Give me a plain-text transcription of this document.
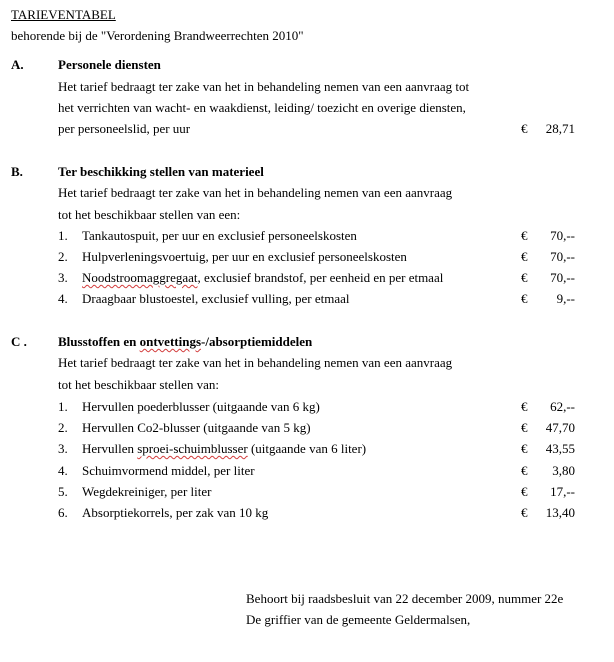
TARIEVENTABEL
behorende bij de "Verordening Brandweerrechten 2010"
A.	Personele diensten
Het tarief bedraagt ter zake van het in behandeling nemen van een aanvraag tot
het verrichten van wacht- en waakdienst, leiding/ toezicht en overige diensten,
per personeelslid, per uur	€	28,71
B.	Ter beschikking stellen van materieel
Het tarief bedraagt ter zake van het in behandeling nemen van een aanvraag
tot het beschikbaar stellen van een:
1. Tankautospuit, per uur en exclusief personeelskosten	€	70,--
2. Hulpverleningsvoertuig, per uur en exclusief personeelskosten	€	70,--
3. Noodstroomaggregaat, exclusief brandstof, per eenheid en per etmaal	€	70,--
4. Draagbaar blustoestel, exclusief vulling, per etmaal	€	9,--
C . Blusstoffen en ontvettings-/absorptiemiddelen
Het tarief bedraagt ter zake van het in behandeling nemen van een aanvraag
tot het beschikbaar stellen van:
1. Hervullen poederblusser (uitgaande van 6 kg)	€	62,--
2. Hervullen Co2-blusser (uitgaande van 5 kg)	€	47,70
3. Hervullen sproei-schuimblusser (uitgaande van 6 liter)	€	43,55
4. Schuimvormend middel, per liter	€	3,80
5. Wegdekreiniger, per liter	€	17,--
6. Absorptiekorrels, per zak van 10 kg	€	13,40
Behoort bij raadsbesluit van 22 december 2009, nummer 22e
De griffier van de gemeente Geldermalsen,
